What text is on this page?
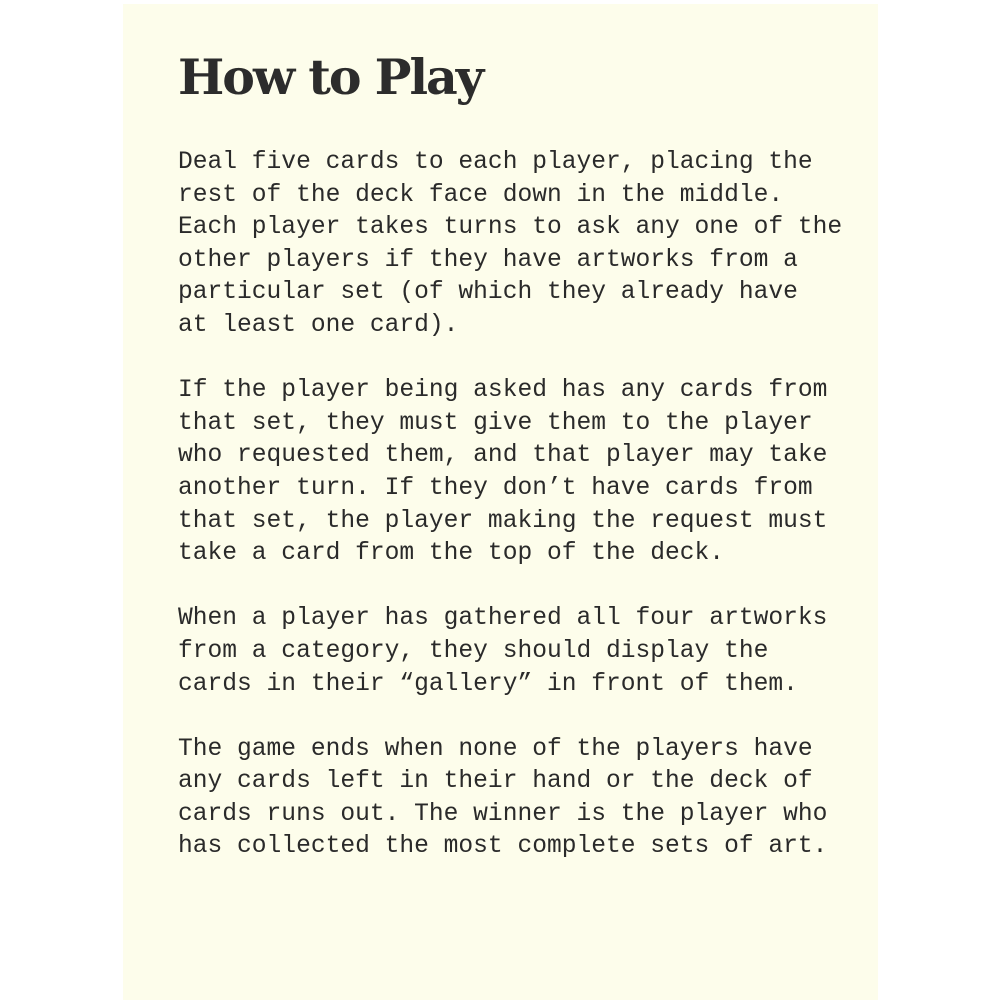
How to Play

Deal five cards to each player, placing the
rest of the deck face down in the middle.
Each player takes turns to ask any one of the
other players if they have artworks from a
particular set (of which they already have
at least one card).

If the player being asked has any cards from
that set, they must give them to the player
who requested them, and that player may take
another turn. If they don’t have cards from
that set, the player making the request must
take a card from the top of the deck.

When a player has gathered all four artworks
from a category, they should display the
cards in their “gallery” in front of them.

The game ends when none of the players have
any cards left in their hand or the deck of
cards runs out. The winner is the player who
has collected the most complete sets of art.
